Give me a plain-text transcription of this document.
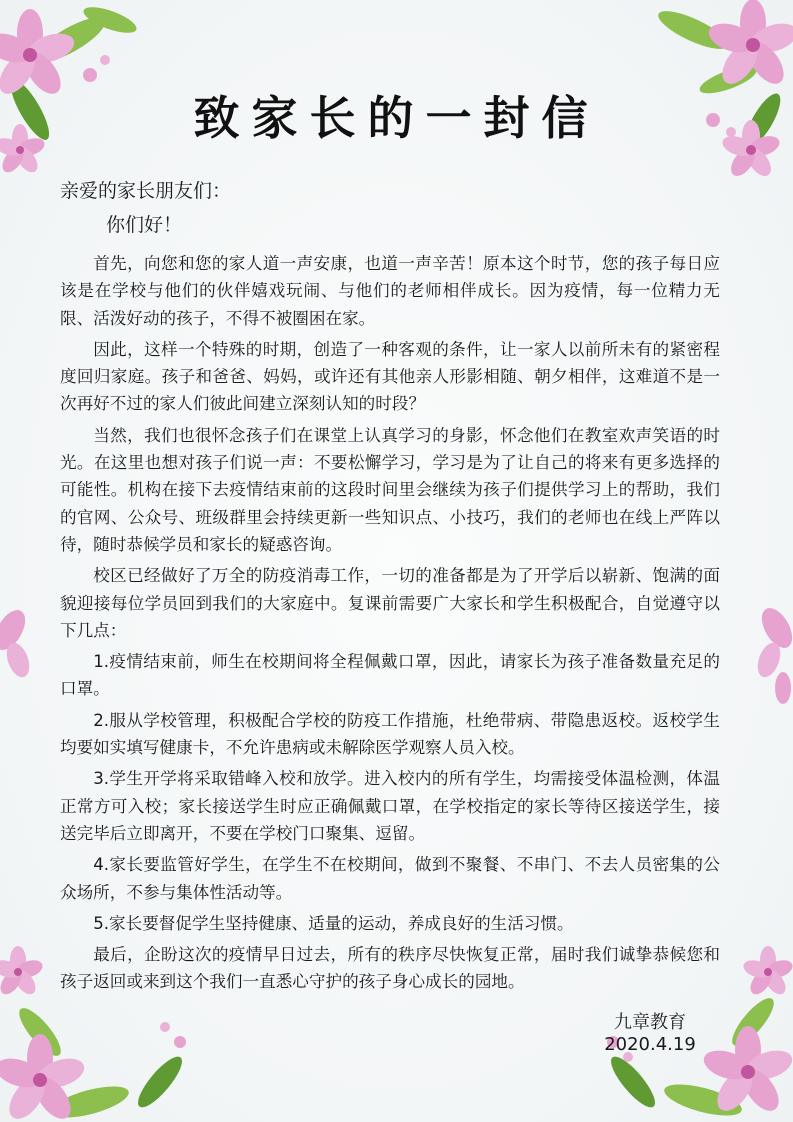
致家长的一封信

亲爱的家长朋友们：

你们好！

首先，向您和您的家人道一声安康，也道一声辛苦！原本这个时节，您的孩子每日应该是在学校与他们的伙伴嬉戏玩闹、与他们的老师相伴成长。因为疫情，每一位精力无限、活泼好动的孩子，不得不被圈困在家。

因此，这样一个特殊的时期，创造了一种客观的条件，让一家人以前所未有的紧密程度回归家庭。孩子和爸爸、妈妈，或许还有其他亲人形影相随、朝夕相伴，这难道不是一次再好不过的家人们彼此间建立深刻认知的时段？

当然，我们也很怀念孩子们在课堂上认真学习的身影，怀念他们在教室欢声笑语的时光。在这里也想对孩子们说一声：不要松懈学习，学习是为了让自己的将来有更多选择的可能性。机构在接下去疫情结束前的这段时间里会继续为孩子们提供学习上的帮助，我们的官网、公众号、班级群里会持续更新一些知识点、小技巧，我们的老师也在线上严阵以待，随时恭候学员和家长的疑惑咨询。

校区已经做好了万全的防疫消毒工作，一切的准备都是为了开学后以崭新、饱满的面貌迎接每位学员回到我们的大家庭中。复课前需要广大家长和学生积极配合，自觉遵守以下几点：

1.疫情结束前，师生在校期间将全程佩戴口罩，因此，请家长为孩子准备数量充足的口罩。

2.服从学校管理，积极配合学校的防疫工作措施，杜绝带病、带隐患返校。返校学生均要如实填写健康卡，不允许患病或未解除医学观察人员入校。

3.学生开学将采取错峰入校和放学。进入校内的所有学生，均需接受体温检测，体温正常方可入校；家长接送学生时应正确佩戴口罩，在学校指定的家长等待区接送学生，接送完毕后立即离开，不要在学校门口聚集、逗留。

4.家长要监管好学生，在学生不在校期间，做到不聚餐、不串门、不去人员密集的公众场所，不参与集体性活动等。

5.家长要督促学生坚持健康、适量的运动，养成良好的生活习惯。

最后，企盼这次的疫情早日过去，所有的秩序尽快恢复正常，届时我们诚挚恭候您和孩子返回或来到这个我们一直悉心守护的孩子身心成长的园地。

九章教育
2020.4.19
